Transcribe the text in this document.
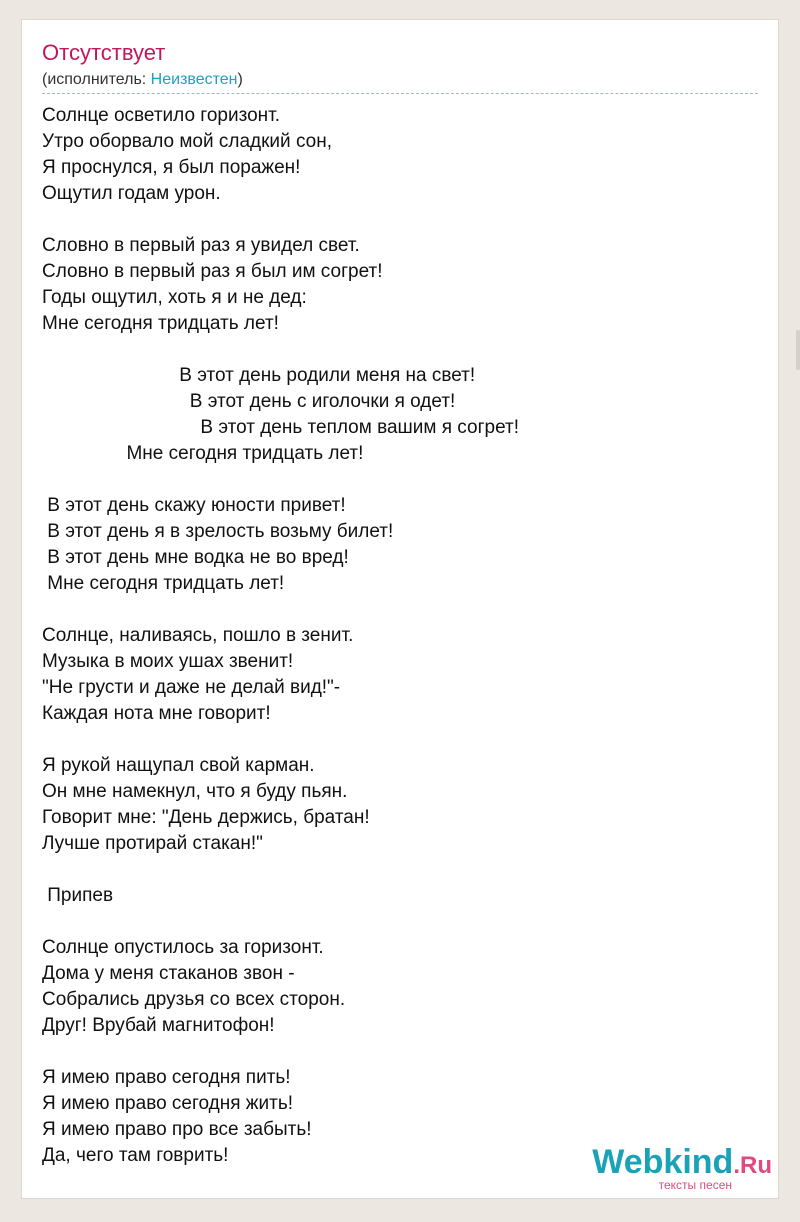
Отсутствует
(исполнитель: Неизвестен)
Солнце осветило горизонт.
Утро оборвало мой сладкий сон,
Я проснулся, я был поражен!
Ощутил годам урон.
Словно в первый раз я увидел свет.
Словно в первый раз я был им согрет!
Годы ощутил, хоть я и не дед:
Мне сегодня тридцать лет!
В этот день родили меня на свет!
В этот день с иголочки я одет!
В этот день теплом вашим я согрет!
Мне сегодня тридцать лет!
В этот день скажу юности привет!
В этот день я в зрелость возьму билет!
В этот день мне водка не во вред!
Мне сегодня тридцать лет!
Солнце, наливаясь, пошло в зенит.
Музыка в моих ушах звенит!
"Не грусти и даже не делай вид!"-
Каждая нота мне говорит!
Я рукой нащупал свой карман.
Он мне намекнул, что я буду пьян.
Говорит мне: "День держись, братан!
Лучше протирай стакан!"
Припев
Солнце опустилось за горизонт.
Дома у меня стаканов звон -
Собрались друзья со всех сторон.
Друг! Врубай магнитофон!
Я имею право сегодня пить!
Я имею право сегодня жить!
Я имею право про все забыть!
Да, чего там говрить!	Webkind.Ru
тексты песен
